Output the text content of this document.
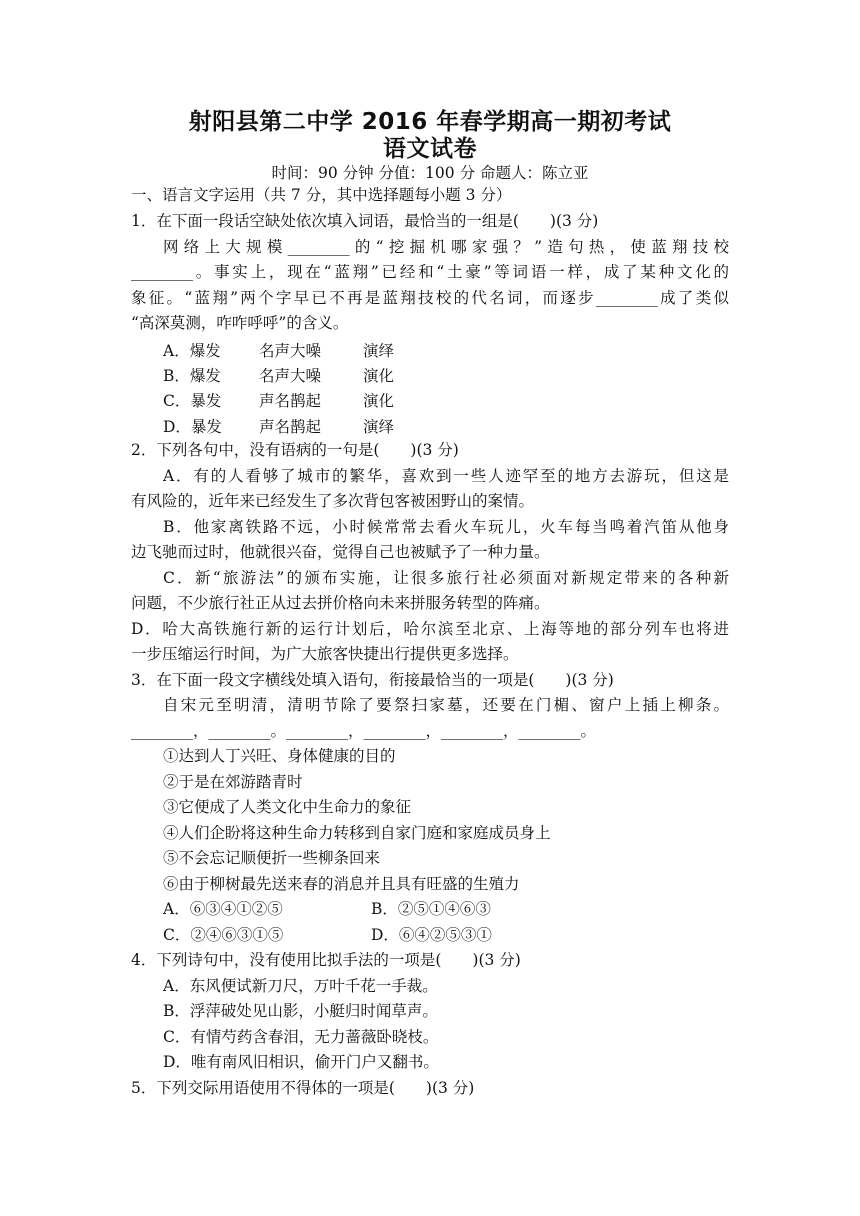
射阳县第二中学 2016 年春学期高一期初考试
语文试卷
时间：90 分钟 分值：100 分 命题人：陈立亚
一、语言文字运用（共 7 分，其中选择题每小题 3 分）
1．在下面一段话空缺处依次填入词语，最恰当的一组是(　　)(3 分)
网络上大规模________的“挖掘机哪家强？”造句热，使蓝翔技校
________。事实上，现在“蓝翔”已经和“土豪”等词语一样，成了某种文化的
象征。“蓝翔”两个字早已不再是蓝翔技校的代名词，而逐步________成了类似
“高深莫测，咋咋呼呼”的含义。
A．爆发 名声大噪	演绎
B．爆发 名声大噪	演化
C．暴发 声名鹊起	演化
D．暴发 声名鹊起	演绎
2．下列各句中，没有语病的一句是(　　)(3 分)
A．有的人看够了城市的繁华，喜欢到一些人迹罕至的地方去游玩，但这是
有风险的，近年来已经发生了多次背包客被困野山的案情。
B．他家离铁路不远，小时候常常去看火车玩儿，火车每当鸣着汽笛从他身
边飞驰而过时，他就很兴奋，觉得自己也被赋予了一种力量。
C．新“旅游法”的颁布实施，让很多旅行社必须面对新规定带来的各种新
问题，不少旅行社正从过去拼价格向未来拼服务转型的阵痛。
D．哈大高铁施行新的运行计划后，哈尔滨至北京、上海等地的部分列车也将进
一步压缩运行时间，为广大旅客快捷出行提供更多选择。
3．在下面一段文字横线处填入语句，衔接最恰当的一项是(　　)(3 分)
自宋元至明清，清明节除了要祭扫家墓，还要在门楣、窗户上插上柳条。
________，________。________，________，________，________。
①达到人丁兴旺、身体健康的目的
②于是在郊游踏青时
③它便成了人类文化中生命力的象征
④人们企盼将这种生命力转移到自家门庭和家庭成员身上
⑤不会忘记顺便折一些柳条回来
⑥由于柳树最先送来春的消息并且具有旺盛的生殖力
A．⑥③④①②⑤	B．②⑤①④⑥③
C．②④⑥③①⑤	D．⑥④②⑤③①
4．下列诗句中，没有使用比拟手法的一项是(　　)(3 分)
A．东风便试新刀尺，万叶千花一手裁。
B．浮萍破处见山影，小艇归时闻草声。
C．有情芍药含春泪，无力蔷薇卧晓枝。
D．唯有南风旧相识，偷开门户又翻书。
5．下列交际用语使用不得体的一项是(　　)(3 分)
